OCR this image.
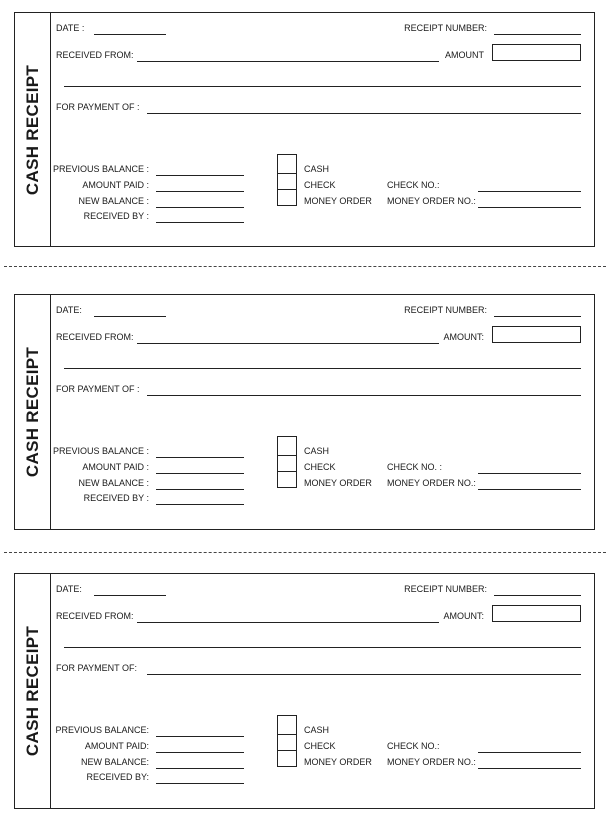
CASH RECEIPT
DATE :	RECEIPT NUMBER:
RECEIVED FROM:	AMOUNT
FOR PAYMENT OF :
PREVIOUS BALANCE :
AMOUNT PAID :
NEW BALANCE :
RECEIVED BY :
CASH
CHECK
MONEY ORDER
CHECK NO.:
MONEY ORDER NO.:
CASH RECEIPT
DATE:	RECEIPT NUMBER:
RECEIVED FROM:	AMOUNT:
FOR PAYMENT OF :
PREVIOUS BALANCE :
AMOUNT PAID :
NEW BALANCE :
RECEIVED BY :
CASH
CHECK
MONEY ORDER
CHECK NO. :
MONEY ORDER NO.:
CASH RECEIPT
DATE:	RECEIPT NUMBER:
RECEIVED FROM:	AMOUNT:
FOR PAYMENT OF:
PREVIOUS BALANCE:
AMOUNT PAID:
NEW BALANCE:
RECEIVED BY:
CASH
CHECK
MONEY ORDER
CHECK NO.:
MONEY ORDER NO.:
